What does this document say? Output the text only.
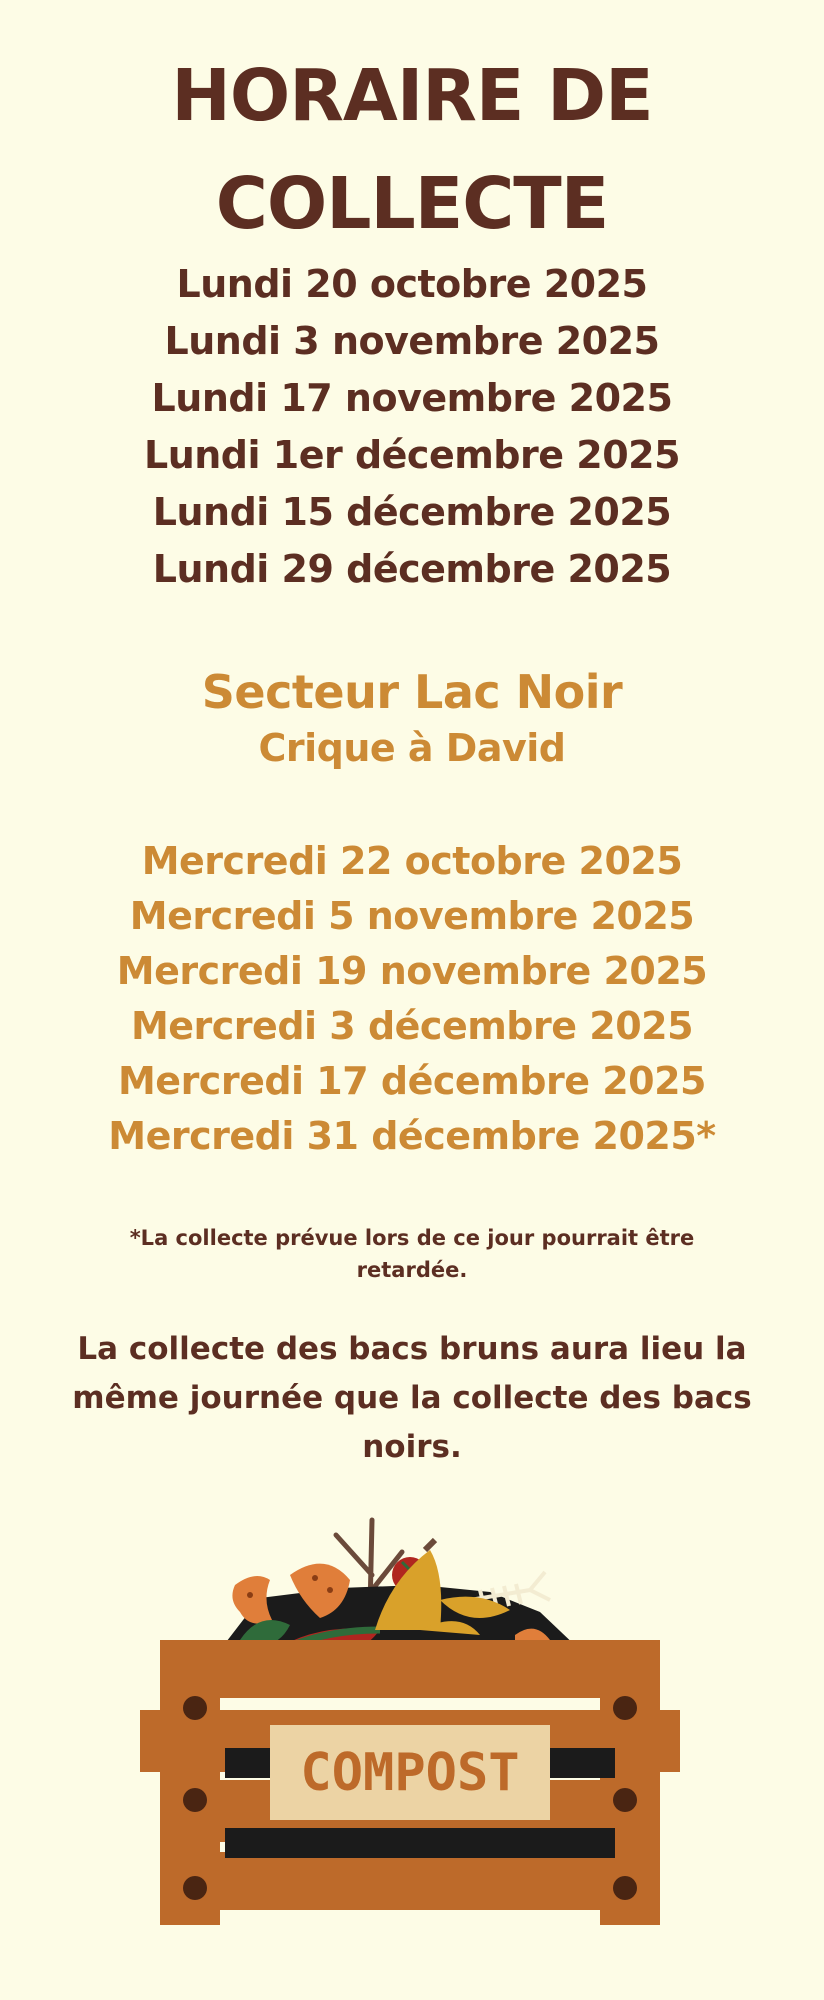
HORAIRE DE
COLLECTE
Lundi 20 octobre 2025
Lundi 3 novembre 2025
Lundi 17 novembre 2025
Lundi 1er décembre 2025
Lundi 15 décembre 2025
Lundi 29 décembre 2025
Secteur Lac Noir
Crique à David
Mercredi 22 octobre 2025
Mercredi 5 novembre 2025
Mercredi 19 novembre 2025
Mercredi 3 décembre 2025
Mercredi 17 décembre 2025
Mercredi 31 décembre 2025*
*La collecte prévue lors de ce jour pourrait être retardée.
La collecte des bacs bruns aura lieu la même journée que la collecte des bacs noirs.
COMPOST
